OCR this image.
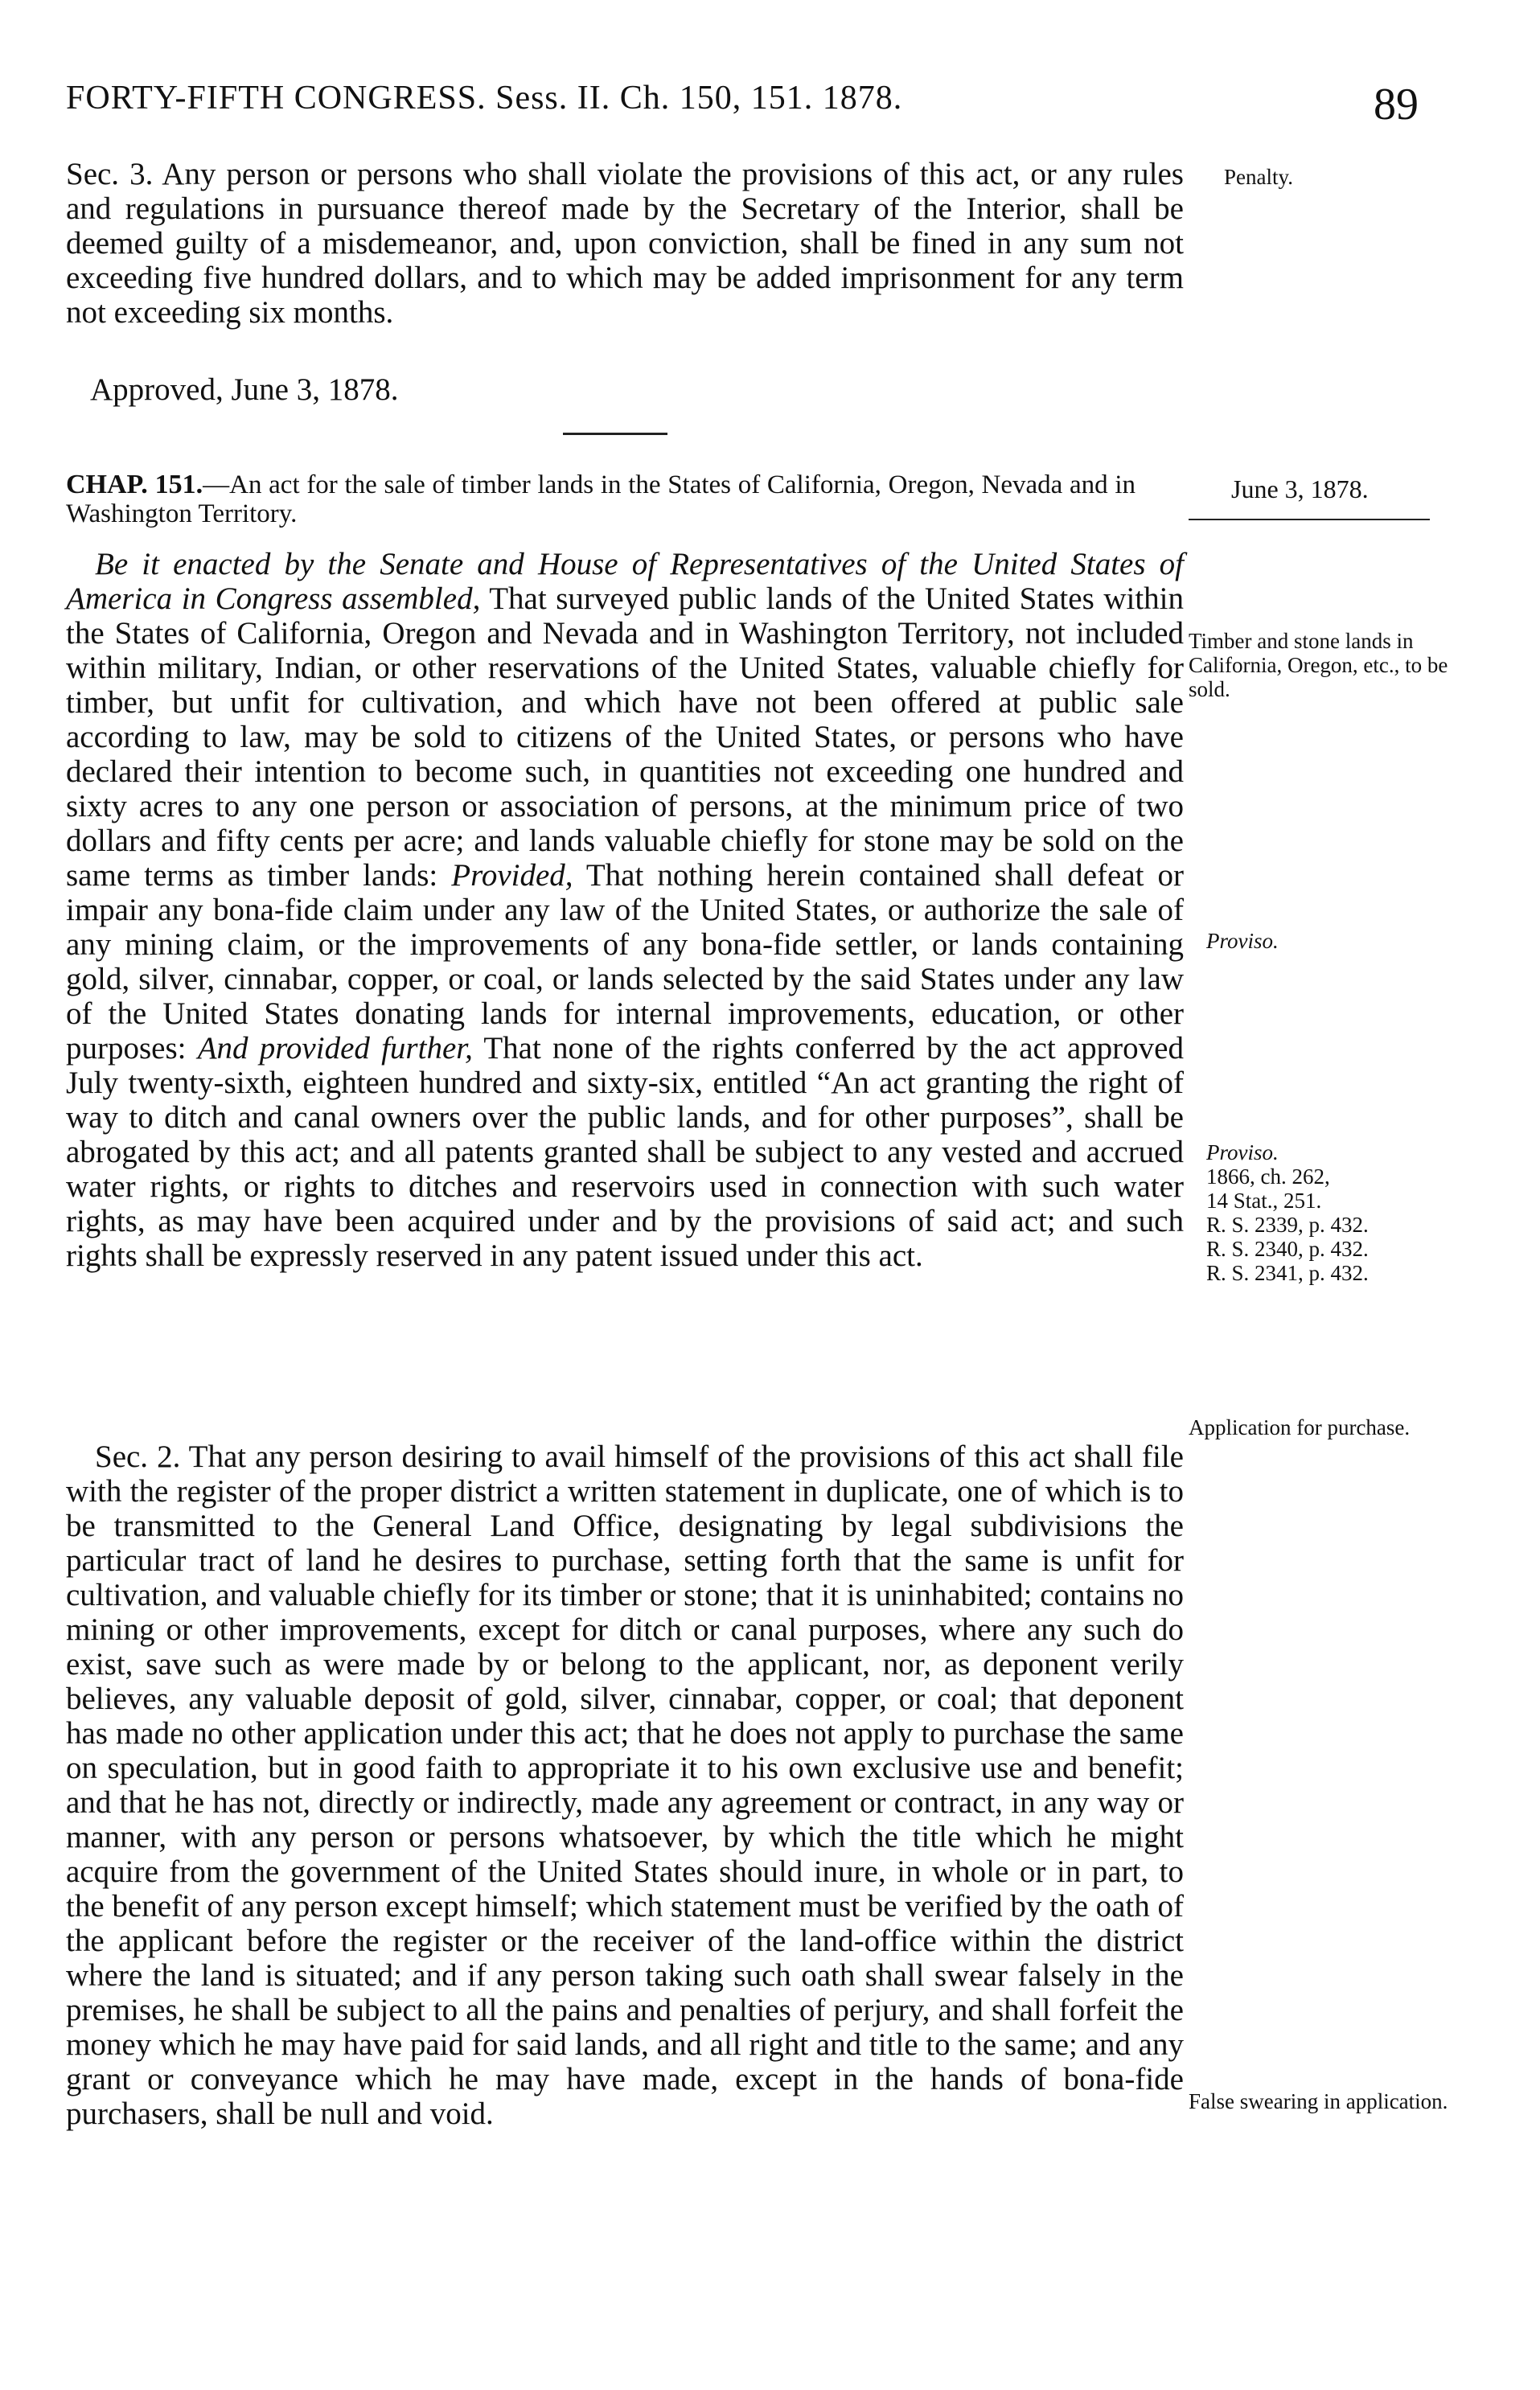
FORTY-FIFTH CONGRESS. Sess. II. Ch. 150, 151. 1878.	89
Sec. 3. Any person or persons who shall violate the provisions of this act, or any rules and regulations in pursuance thereof made by the Secretary of the Interior, shall be deemed guilty of a misdemeanor, and, upon conviction, shall be fined in any sum not exceeding five hundred dollars, and to which may be added imprisonment for any term not exceeding six months.
Approved, June 3, 1878.
CHAP. 151.—An act for the sale of timber lands in the States of California, Oregon, Nevada and in Washington Territory.
June 3, 1878.
Be it enacted by the Senate and House of Representatives of the United States of America in Congress assembled, That surveyed public lands of the United States within the States of California, Oregon and Nevada and in Washington Territory, not included within military, Indian, or other reservations of the United States, valuable chiefly for timber, but unfit for cultivation, and which have not been offered at public sale according to law, may be sold to citizens of the United States, or persons who have declared their intention to become such, in quantities not exceeding one hundred and sixty acres to any one person or association of persons, at the minimum price of two dollars and fifty cents per acre; and lands valuable chiefly for stone may be sold on the same terms as timber lands: Provided, That nothing herein contained shall defeat or impair any bona-fide claim under any law of the United States, or authorize the sale of any mining claim, or the improvements of any bona-fide settler, or lands containing gold, silver, cinnabar, copper, or coal, or lands selected by the said States under any law of the United States donating lands for internal improvements, education, or other purposes: And provided further, That none of the rights conferred by the act approved July twenty-sixth, eighteen hundred and sixty-six, entitled “An act granting the right of way to ditch and canal owners over the public lands, and for other purposes”, shall be abrogated by this act; and all patents granted shall be subject to any vested and accrued water rights, or rights to ditches and reservoirs used in connection with such water rights, as may have been acquired under and by the provisions of said act; and such rights shall be expressly reserved in any patent issued under this act.
Sec. 2. That any person desiring to avail himself of the provisions of this act shall file with the register of the proper district a written statement in duplicate, one of which is to be transmitted to the General Land Office, designating by legal subdivisions the particular tract of land he desires to purchase, setting forth that the same is unfit for cultivation, and valuable chiefly for its timber or stone; that it is uninhabited; contains no mining or other improvements, except for ditch or canal purposes, where any such do exist, save such as were made by or belong to the applicant, nor, as deponent verily believes, any valuable deposit of gold, silver, cinnabar, copper, or coal; that deponent has made no other application under this act; that he does not apply to purchase the same on speculation, but in good faith to appropriate it to his own exclusive use and benefit; and that he has not, directly or indirectly, made any agreement or contract, in any way or manner, with any person or persons whatsoever, by which the title which he might acquire from the government of the United States should inure, in whole or in part, to the benefit of any person except himself; which statement must be verified by the oath of the applicant before the register or the receiver of the land-office within the district where the land is situated; and if any person taking such oath shall swear falsely in the premises, he shall be subject to all the pains and penalties of perjury, and shall forfeit the money which he may have paid for said lands, and all right and title to the same; and any grant or conveyance which he may have made, except in the hands of bona-fide purchasers, shall be null and void.
Penalty.
Timber and stone lands in California, Oregon, etc., to be sold.
Proviso.
Proviso.
1866, ch. 262,
14 Stat., 251.
R. S. 2339, p. 432.
R. S. 2340, p. 432.
R. S. 2341, p. 432.
Application for purchase.
False swearing in application.
